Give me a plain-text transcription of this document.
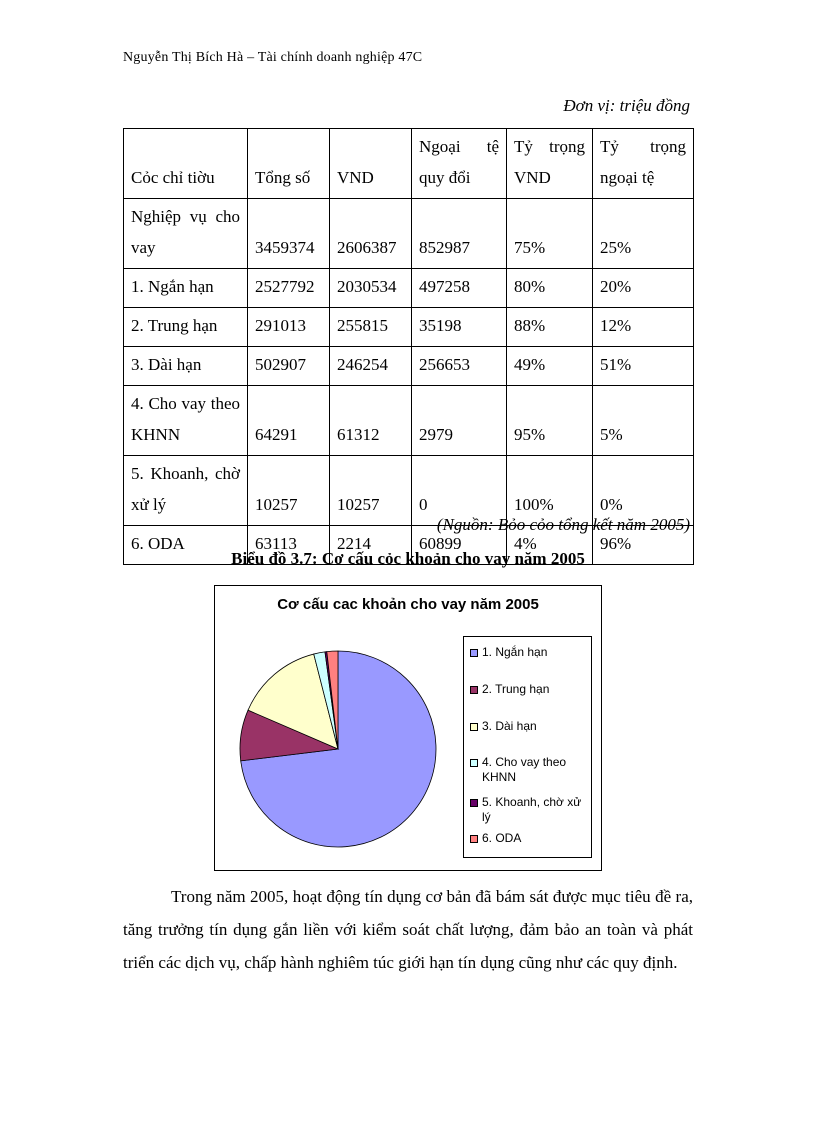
Nguyễn Thị Bích Hà – Tài chính doanh nghiệp 47C
Đơn vị: triệu đồng
Cỏc chỉ tiờu	Tổng số	VND	Ngoại tệ quy đổi	Tỷ trọng VND	Tỷ trọng ngoại tệ
Nghiệp vụ cho vay	3459374	2606387	852987	75%	25%
1. Ngắn hạn	2527792	2030534	497258	80%	20%
2. Trung hạn	291013	255815	35198	88%	12%
3. Dài hạn	502907	246254	256653	49%	51%
4. Cho vay theo KHNN	64291	61312	2979	95%	5%
5. Khoanh, chờ xử lý	10257	10257	0	100%	0%
6. ODA	63113	2214	60899	4%	96%
(Nguồn: Bỏo cỏo tổng kết năm 2005)
Biểu đồ 3.7: Cơ cấu cỏc khoản cho vay năm 2005
Cơ cấu cac khoản cho vay năm 2005
1. Ngắn hạn
2. Trung hạn
3. Dài hạn
4. Cho vay theo KHNN
5. Khoanh, chờ xử lý
6. ODA

Trong năm 2005, hoạt động tín dụng cơ bản đã bám sát được mục tiêu đề ra, tăng trưởng tín dụng gắn liền với kiểm soát chất lượng, đảm bảo an toàn và phát triển các dịch vụ, chấp hành nghiêm túc giới hạn tín dụng cũng như các quy định.
